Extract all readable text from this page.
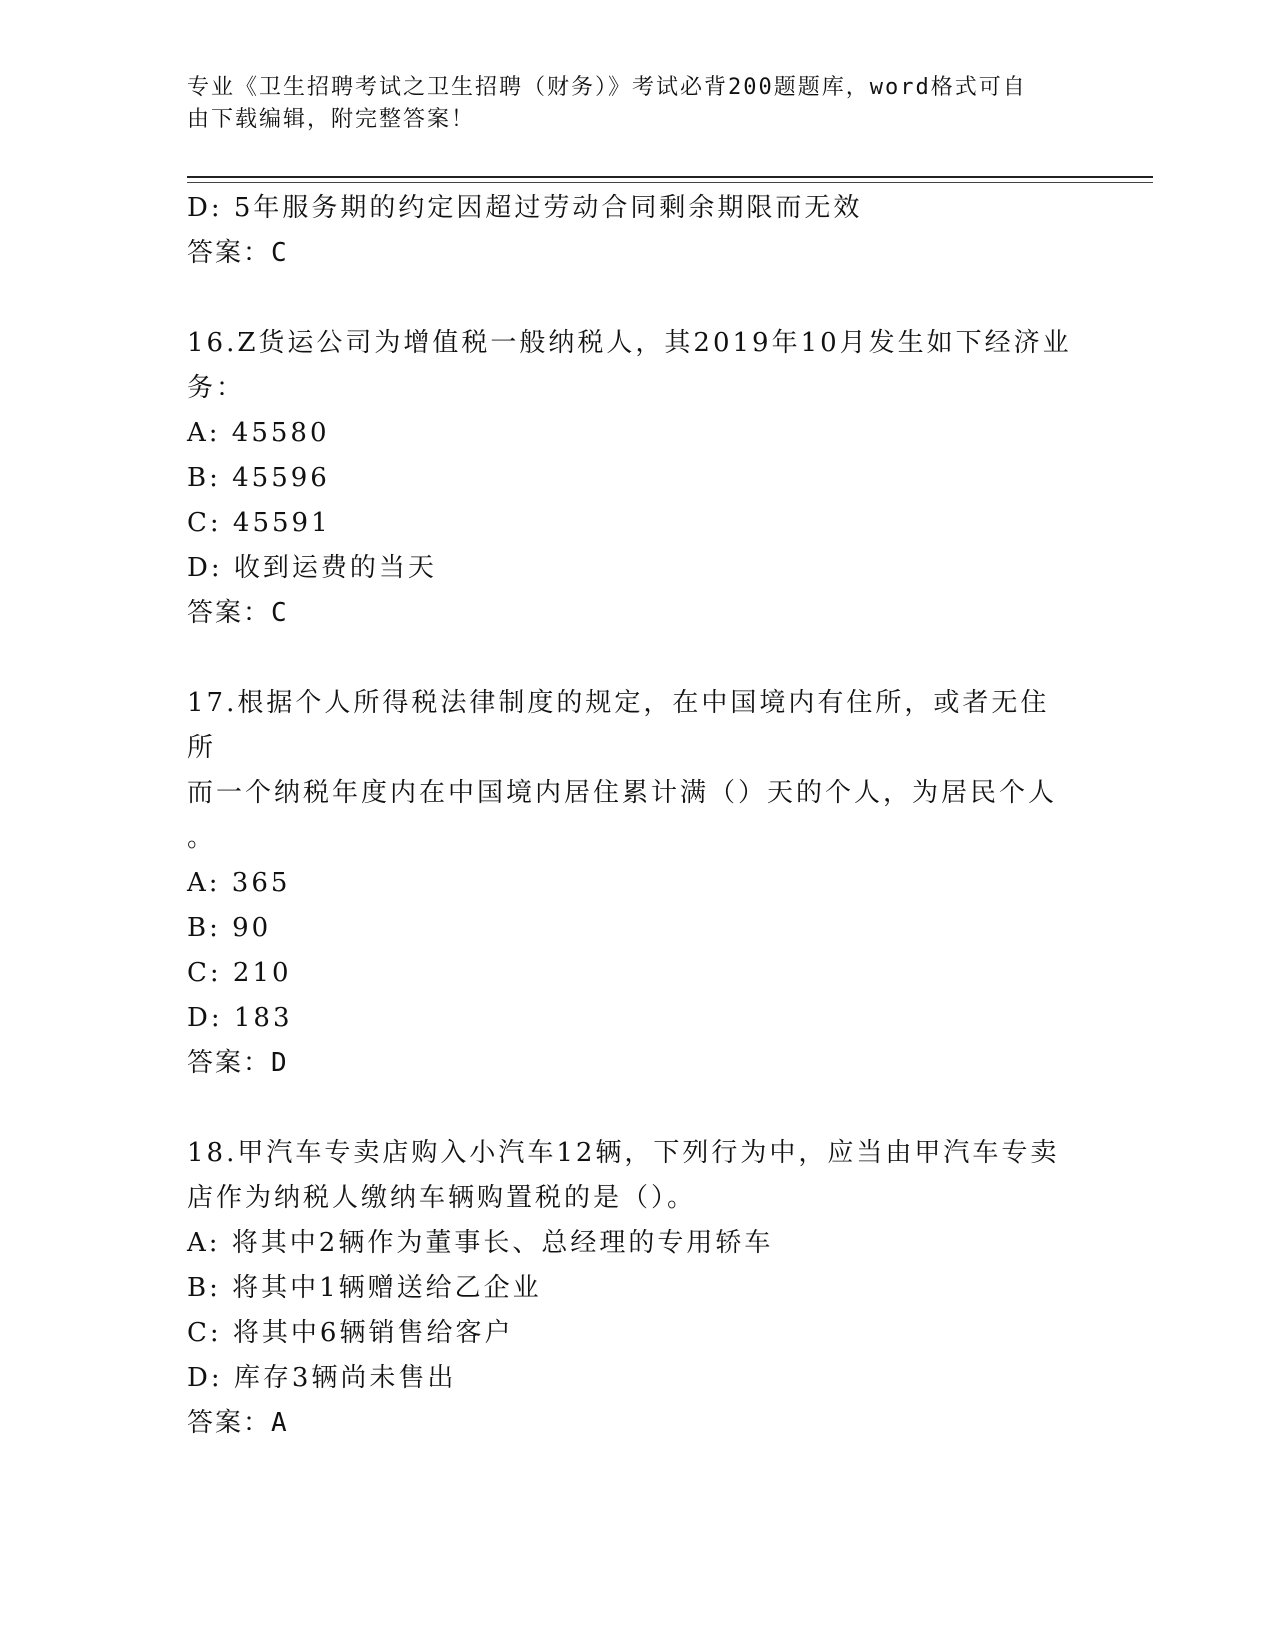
专业《卫生招聘考试之卫生招聘（财务）》考试必背200题题库，word格式可自
由下载编辑，附完整答案！
D: 5年服务期的约定因超过劳动合同剩余期限而无效
答案：C
16.Z货运公司为增值税一般纳税人，其2019年10月发生如下经济业
务：
A: 45580
B: 45596
C: 45591
D: 收到运费的当天
答案：C
17.根据个人所得税法律制度的规定，在中国境内有住所，或者无住所
而一个纳税年度内在中国境内居住累计满（）天的个人，为居民个人
。
A: 365
B: 90
C: 210
D: 183
答案：D
18.甲汽车专卖店购入小汽车12辆，下列行为中，应当由甲汽车专卖
店作为纳税人缴纳车辆购置税的是（）。
A: 将其中2辆作为董事长、总经理的专用轿车
B: 将其中1辆赠送给乙企业
C: 将其中6辆销售给客户
D: 库存3辆尚未售出
答案：A
